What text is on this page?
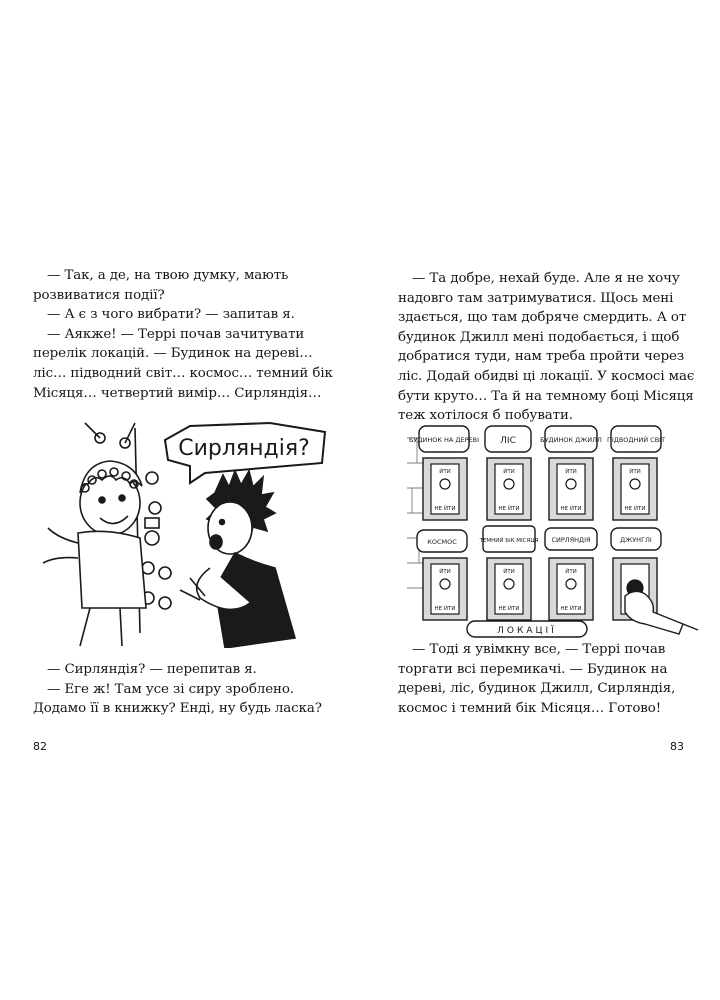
— Так, а де, на твою думку, мають розвиватися події?

— А є з чого вибрати? — запитав я.

— Аякже! — Террі почав зачитувати перелік локацій. — Будинок на дереві… ліс… підводний світ… космос… темний бік Місяця… четвертий вимір… Сирляндія…

Сирляндія?

— Сирляндія? — перепитав я.

— Еге ж! Там усе зі сиру зроблено. Додамо її в книжку? Енді, ну будь ласка?

82

— Та добре, нехай буде. Але я не хочу надовго там затримуватися. Щось мені здається, що там добряче смердить. А от будинок Джилл мені подобається, і щоб добратися туди, нам треба пройти через ліс. Додай обидві ці локації. У космосі має бути круто… Та й на темному боці Місяця теж хотілося б побувати.

БУДИНОК НА ДЕРЕВІ ЛІС	БУДИНОК ДЖИЛЛ ПІДВОДНИЙ СВІТ
ЙТИ
НЕ ЙТИ
ЙТИ
НЕ ЙТИ
ЙТИ
НЕ ЙТИ
ЙТИ
НЕ ЙТИ
КОСМОС	ТЕМНИЙ БІК МІСЯЦЯ СИРЛЯНДІЯ	ДЖУНГЛІ
ЙТИ
НЕ ЙТИ
ЙТИ
НЕ ЙТИ
ЙТИ
НЕ ЙТИ
ЛОКАЦІЇ

— Тоді я увімкну все, — Террі почав торгати всі перемикачі. — Будинок на дереві, ліс, будинок Джилл, Сирляндія, космос і темний бік Місяця… Готово!

83
